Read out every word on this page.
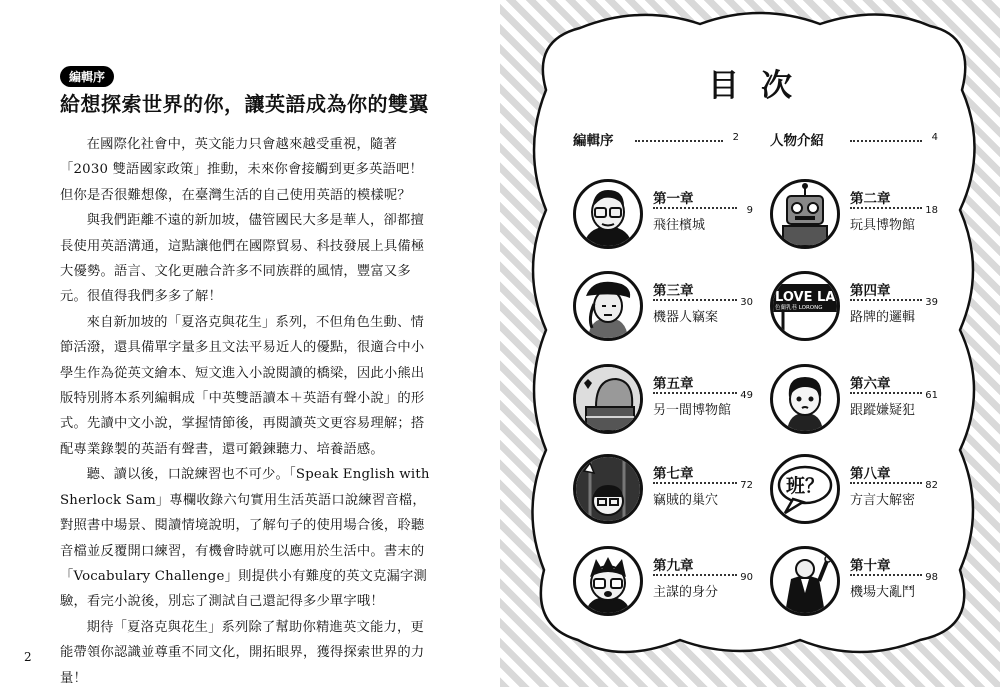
編輯序
給想探索世界的你，讓英語成為你的雙翼

在國際化社會中，英文能力只會越來越受重視，隨著「2030 雙語國家政策」推動，未來你會接觸到更多英語吧！但你是否很難想像，在臺灣生活的自己使用英語的模樣呢？

與我們距離不遠的新加坡，儘管國民大多是華人，卻都擅長使用英語溝通，這點讓他們在國際貿易、科技發展上具備極大優勢。語言、文化更融合許多不同族群的風情，豐富又多元。很值得我們多多了解！

來自新加坡的「夏洛克與花生」系列，不但角色生動、情節活潑，還具備單字量多且文法平易近人的優點，很適合中小學生作為從英文繪本、短文進入小說閱讀的橋梁，因此小熊出版特別將本系列編輯成「中英雙語讀本＋英語有聲小說」的形式。先讀中文小說，掌握情節後，再閱讀英文更容易理解；搭配專業錄製的英語有聲書，還可鍛鍊聽力、培養語感。

聽、讀以後，口說練習也不可少。「Speak English with Sherlock Sam」專欄收錄六句實用生活英語口說練習音檔，對照書中場景、閱讀情境說明，了解句子的使用場合後，聆聽音檔並反覆開口練習，有機會時就可以應用於生活中。書末的「Vocabulary Challenge」則提供小有難度的英文克漏字測驗，看完小說後，別忘了測試自己還記得多少單字哦！

期待「夏洛克與花生」系列除了幫助你精進英文能力，更能帶領你認識並尊重不同文化，開拓眼界，獲得探索世界的力量！

2
目次
編輯序	2 人物介紹	4
第一章
9
飛往檳城
第二章
18
玩具博物館
第三章
30
機器人竊案
LOVE LA
色蘭乳巷 LORONG
第四章
39
路牌的邏輯
第五章
49
另一間博物館
第六章
61
跟蹤嫌疑犯
第七章
72
竊賊的巢穴
班？
第八章
82
方言大解密
第九章
90
主謀的身分
第十章
98
機場大亂鬥
